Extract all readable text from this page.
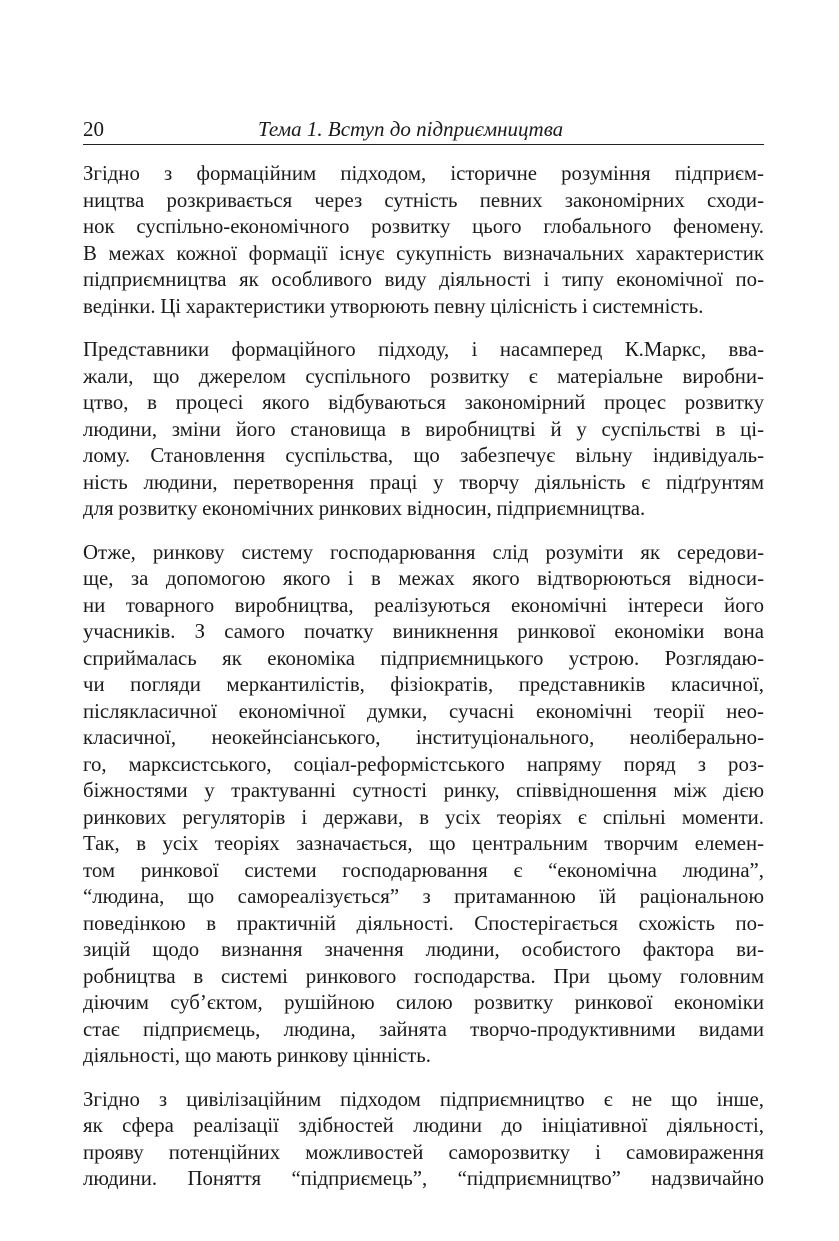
20	Тема 1. Вступ до підприємництва
Згідно з формаційним підходом, історичне розуміння підприєм-
ництва розкривається через сутність певних закономірних сходи-
нок суспільно-економічного розвитку цього глобального феномену.
В межах кожної формації існує сукупність визначальних характеристик
підприємництва як особливого виду діяльності і типу економічної по-
ведінки. Ці характеристики утворюють певну цілісність і системність.
Представники формаційного підходу, і насамперед К.Маркс, вва-
жали, що джерелом суспільного розвитку є матеріальне виробни-
цтво, в процесі якого відбуваються закономірний процес розвитку
людини, зміни його становища в виробництві й у суспільстві в ці-
лому. Становлення суспільства, що забезпечує вільну індивідуаль-
ність людини, перетворення праці у творчу діяльність є підґрунтям
для розвитку економічних ринкових відносин, підприємництва.
Отже, ринкову систему господарювання слід розуміти як середови-
ще, за допомогою якого і в межах якого відтворюються відноси-
ни товарного виробництва, реалізуються економічні інтереси його
учасників. З самого початку виникнення ринкової економіки вона
сприймалась як економіка підприємницького устрою. Розглядаю-
чи погляди меркантилістів, фізіократів, представників класичної,
післякласичної економічної думки, сучасні економічні теорії нео-
класичної, неокейнсіанського, інституціонального, неоліберально-
го, марксистського, соціал-реформістського напряму поряд з роз-
біжностями у трактуванні сутності ринку, співвідношення між дією
ринкових регуляторів і держави, в усіх теоріях є спільні моменти.
Так, в усіх теоріях зазначається, що центральним творчим елемен-
том ринкової системи господарювання є “економічна людина”,
“людина, що самореалізується” з притаманною їй раціональною
поведінкою в практичній діяльності. Спостерігається схожість по-
зицій щодо визнання значення людини, особистого фактора ви-
робництва в системі ринкового господарства. При цьому головним
діючим суб’єктом, рушійною силою розвитку ринкової економіки
стає підприємець, людина, зайнята творчо-продуктивними видами
діяльності, що мають ринкову цінність.
Згідно з цивілізаційним підходом підприємництво є не що інше,
як сфера реалізації здібностей людини до ініціативної діяльності,
прояву потенційних можливостей саморозвитку і самовираження
людини. Поняття “підприємець”, “підприємництво” надзвичайно
